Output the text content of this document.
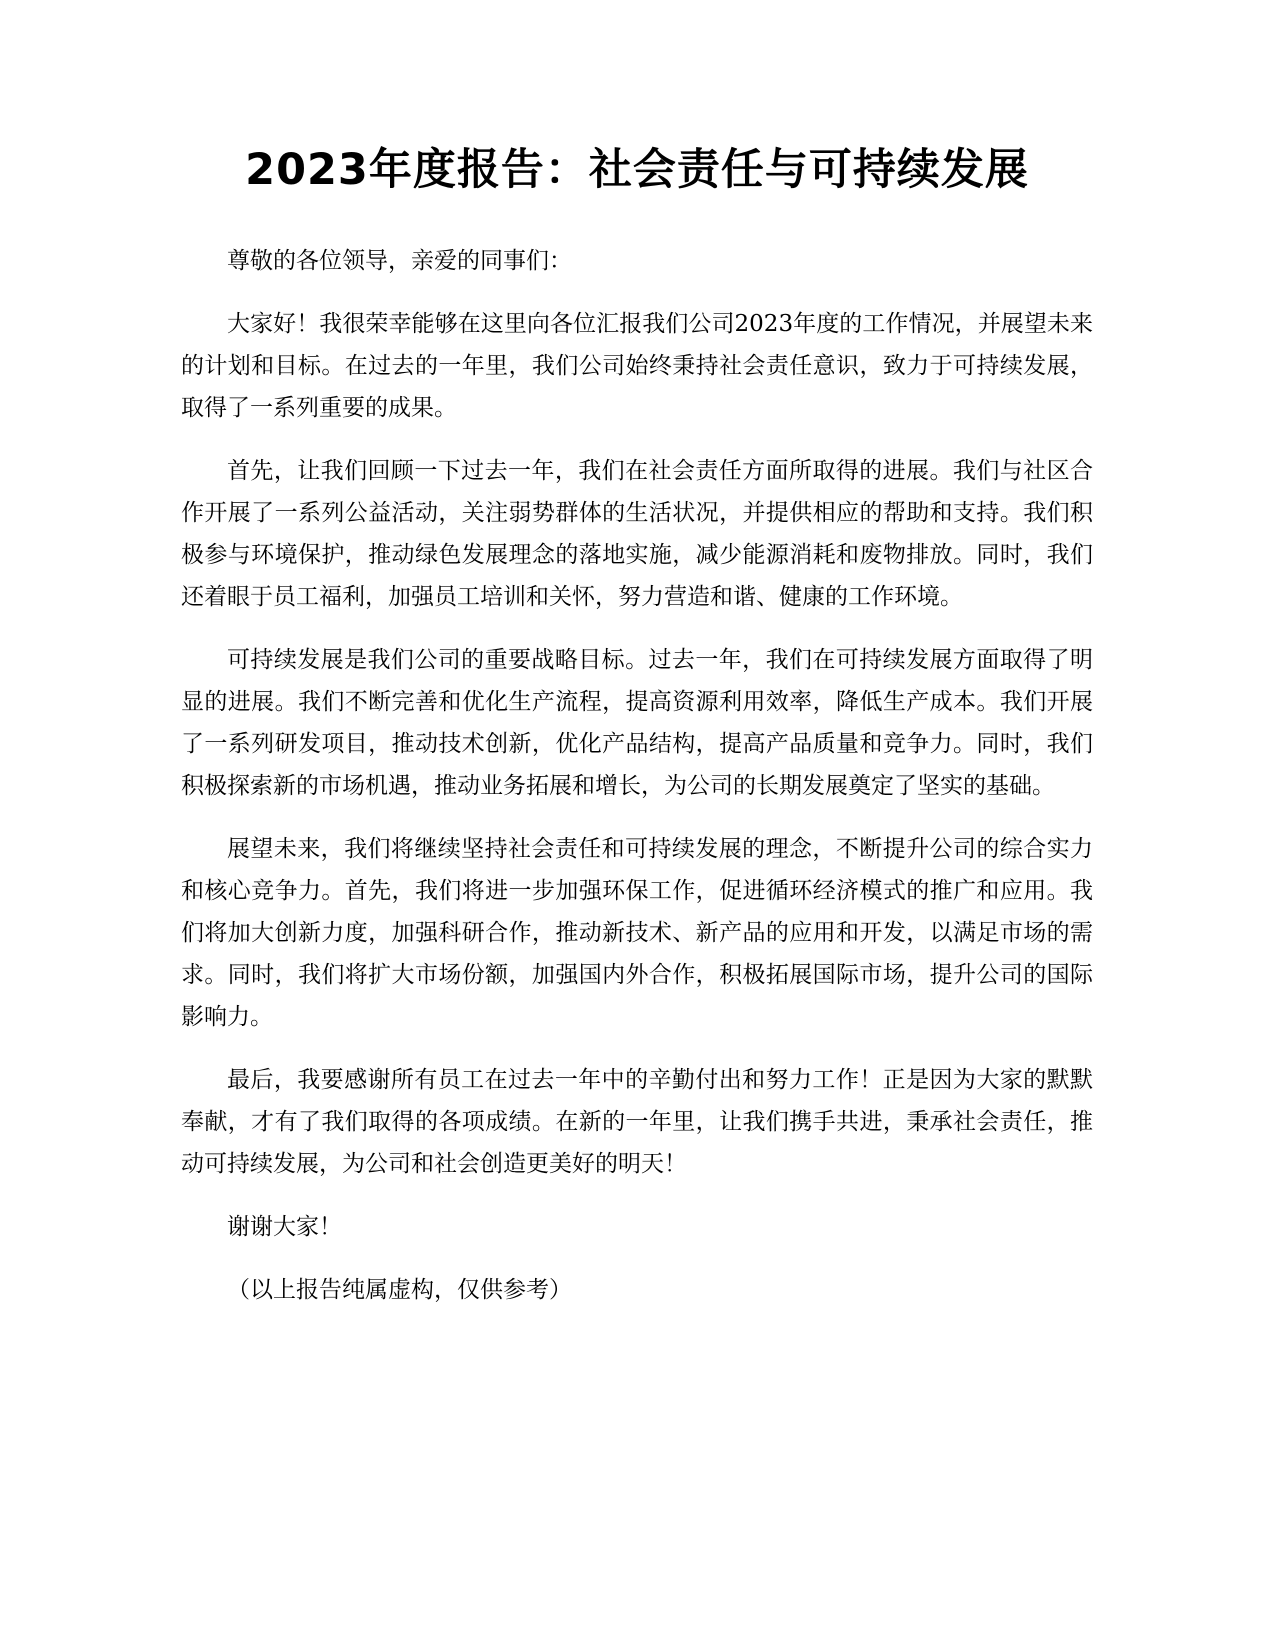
2023年度报告：社会责任与可持续发展

尊敬的各位领导，亲爱的同事们：

大家好！我很荣幸能够在这里向各位汇报我们公司2023年度的工作情况，并展望未来的计划和目标。在过去的一年里，我们公司始终秉持社会责任意识，致力于可持续发展，取得了一系列重要的成果。

首先，让我们回顾一下过去一年，我们在社会责任方面所取得的进展。我们与社区合作开展了一系列公益活动，关注弱势群体的生活状况，并提供相应的帮助和支持。我们积极参与环境保护，推动绿色发展理念的落地实施，减少能源消耗和废物排放。同时，我们还着眼于员工福利，加强员工培训和关怀，努力营造和谐、健康的工作环境。

可持续发展是我们公司的重要战略目标。过去一年，我们在可持续发展方面取得了明显的进展。我们不断完善和优化生产流程，提高资源利用效率，降低生产成本。我们开展了一系列研发项目，推动技术创新，优化产品结构，提高产品质量和竞争力。同时，我们积极探索新的市场机遇，推动业务拓展和增长，为公司的长期发展奠定了坚实的基础。

展望未来，我们将继续坚持社会责任和可持续发展的理念，不断提升公司的综合实力和核心竞争力。首先，我们将进一步加强环保工作，促进循环经济模式的推广和应用。我们将加大创新力度，加强科研合作，推动新技术、新产品的应用和开发，以满足市场的需求。同时，我们将扩大市场份额，加强国内外合作，积极拓展国际市场，提升公司的国际影响力。

最后，我要感谢所有员工在过去一年中的辛勤付出和努力工作！正是因为大家的默默奉献，才有了我们取得的各项成绩。在新的一年里，让我们携手共进，秉承社会责任，推动可持续发展，为公司和社会创造更美好的明天！

谢谢大家！

（以上报告纯属虚构，仅供参考）
